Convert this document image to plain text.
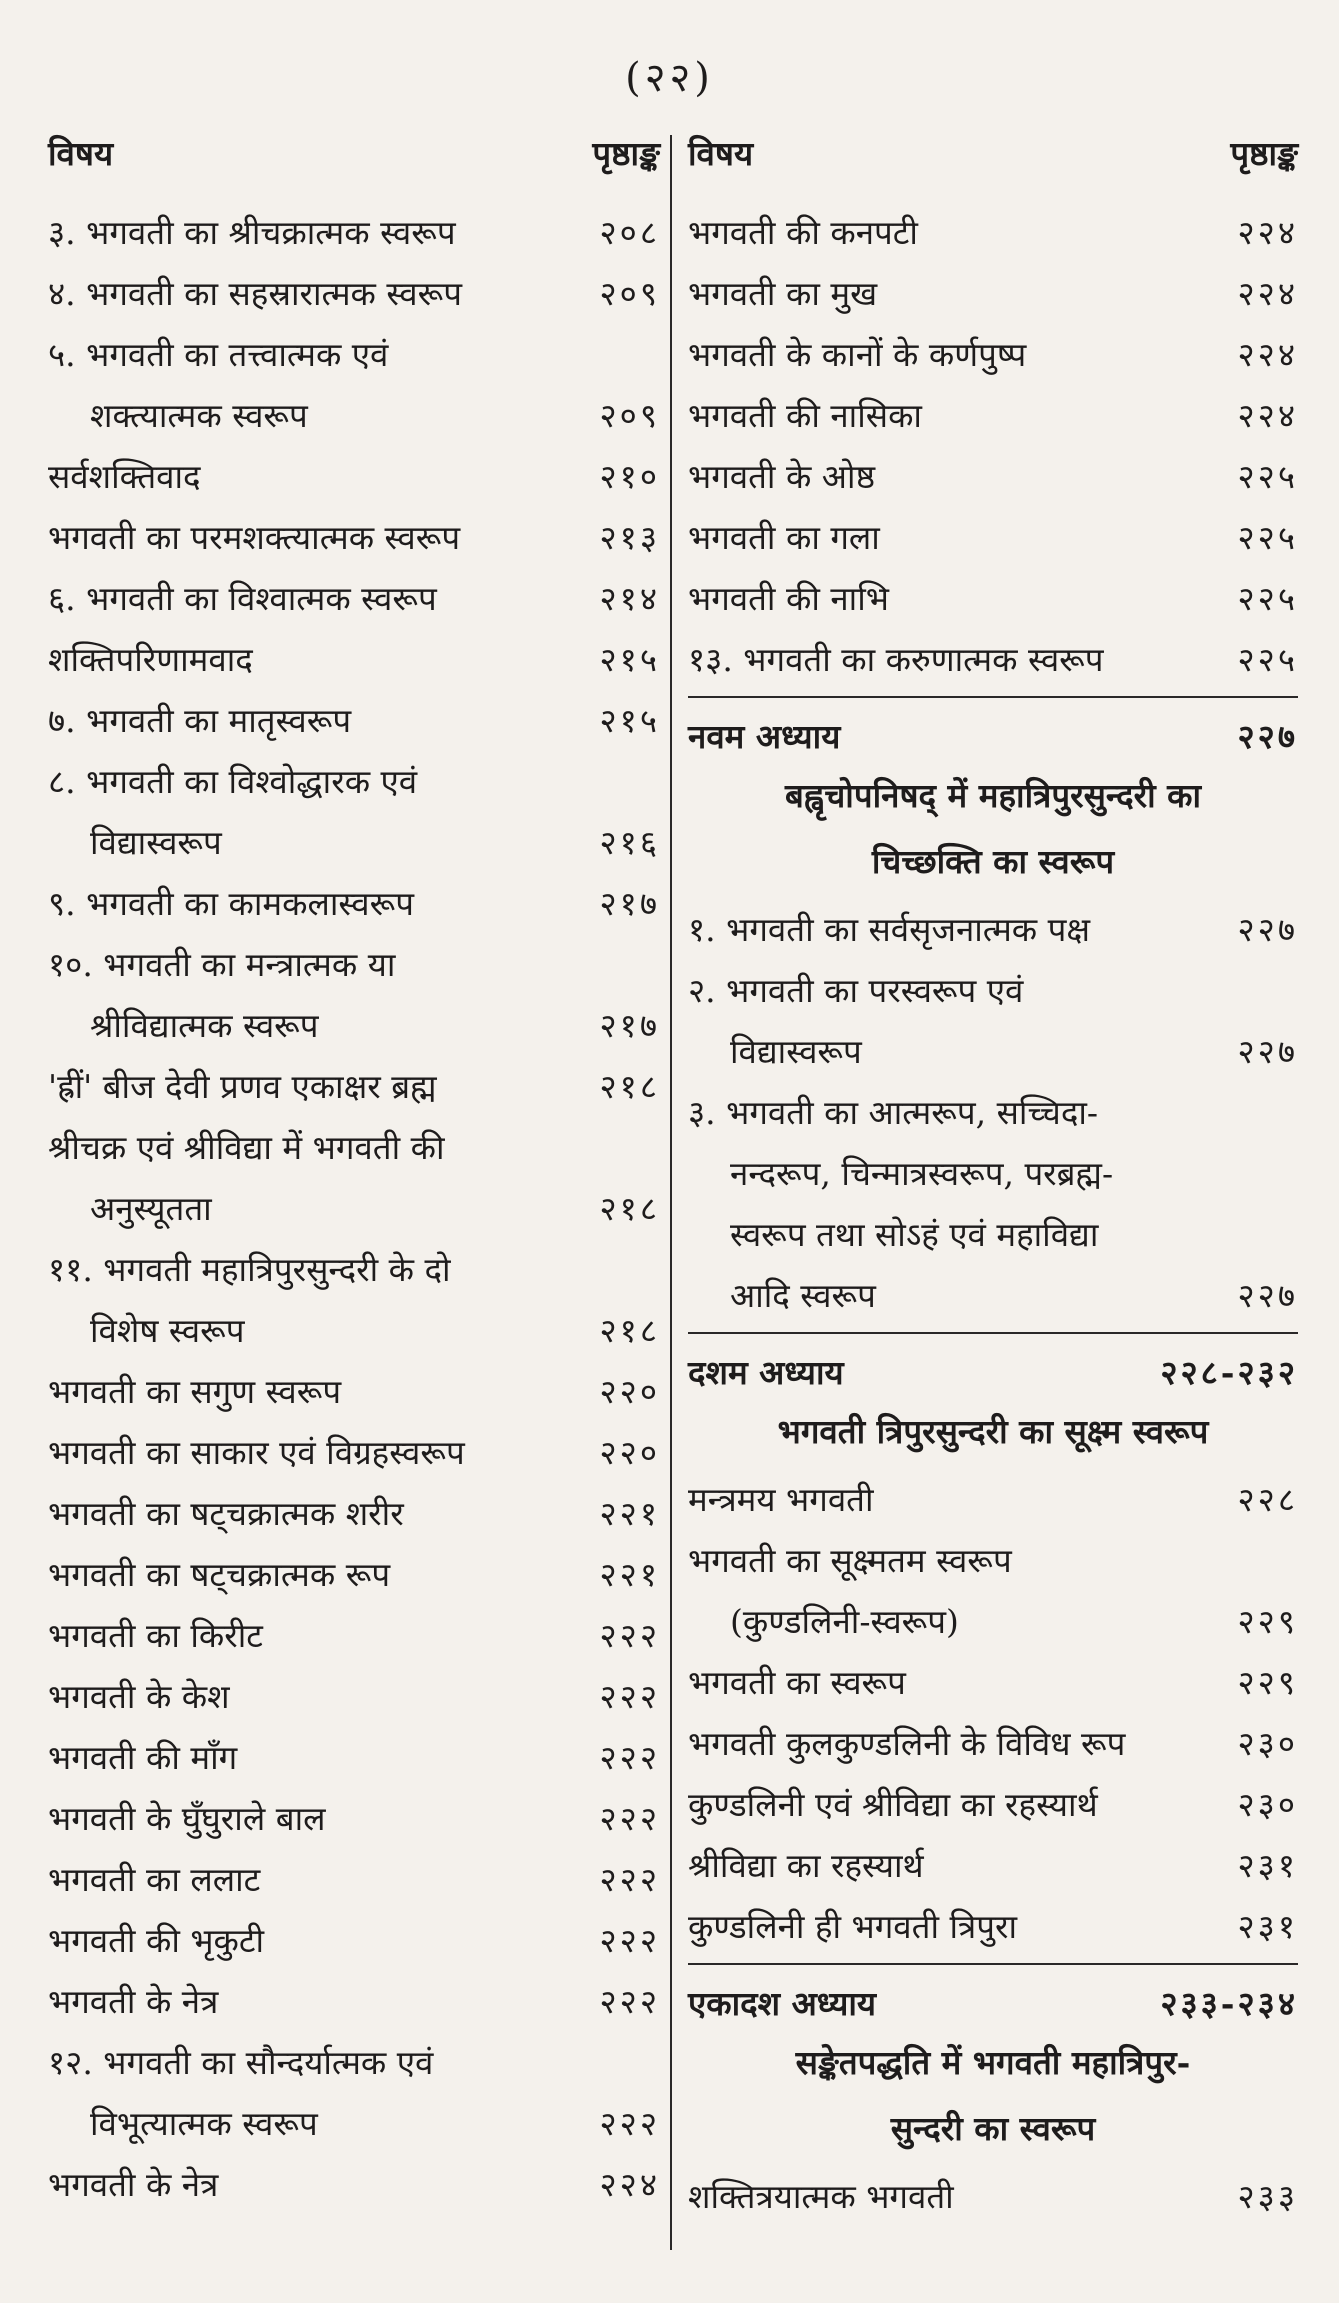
(२२)
विषय	पृष्ठाङ्क
३. भगवती का श्रीचक्रात्मक स्वरूप	२०८
४. भगवती का सहस्रारात्मक स्वरूप	२०९
५. भगवती का तत्त्वात्मक एवं
शक्त्यात्मक स्वरूप	२०९
सर्वशक्तिवाद	२१०
भगवती का परमशक्त्यात्मक स्वरूप	२१३
६. भगवती का विश्वात्मक स्वरूप	२१४
शक्तिपरिणामवाद	२१५
७. भगवती का मातृस्वरूप	२१५
८. भगवती का विश्वोद्धारक एवं
विद्यास्वरूप	२१६
९. भगवती का कामकलास्वरूप	२१७
१०. भगवती का मन्त्रात्मक या
श्रीविद्यात्मक स्वरूप	२१७
'ह्रीं' बीज देवी प्रणव एकाक्षर ब्रह्म	२१८
श्रीचक्र एवं श्रीविद्या में भगवती की
अनुस्यूतता	२१८
११. भगवती महात्रिपुरसुन्दरी के दो
विशेष स्वरूप	२१८
भगवती का सगुण स्वरूप	२२०
भगवती का साकार एवं विग्रहस्वरूप	२२०
भगवती का षट्चक्रात्मक शरीर	२२१
भगवती का षट्चक्रात्मक रूप	२२१
भगवती का किरीट	२२२
भगवती के केश	२२२
भगवती की माँग	२२२
भगवती के घुँघुराले बाल	२२२
भगवती का ललाट	२२२
भगवती की भृकुटी	२२२
भगवती के नेत्र	२२२
१२. भगवती का सौन्दर्यात्मक एवं
विभूत्यात्मक स्वरूप	२२२
भगवती के नेत्र	२२४
विषय	पृष्ठाङ्क
भगवती की कनपटी	२२४
भगवती का मुख	२२४
भगवती के कानों के कर्णपुष्प	२२४
भगवती की नासिका	२२४
भगवती के ओष्ठ	२२५
भगवती का गला	२२५
भगवती की नाभि	२२५
१३. भगवती का करुणात्मक स्वरूप	२२५
नवम अध्याय	२२७
बह्वृचोपनिषद् में महात्रिपुरसुन्दरी का
चिच्छक्ति का स्वरूप
१. भगवती का सर्वसृजनात्मक पक्ष	२२७
२. भगवती का परस्वरूप एवं
विद्यास्वरूप	२२७
३. भगवती का आत्मरूप, सच्चिदा-
नन्दरूप, चिन्मात्रस्वरूप, परब्रह्म-
स्वरूप तथा सोऽहं एवं महाविद्या
आदि स्वरूप	२२७
दशम अध्याय	२२८-२३२
भगवती त्रिपुरसुन्दरी का सूक्ष्म स्वरूप
मन्त्रमय भगवती	२२८
भगवती का सूक्ष्मतम स्वरूप
(कुण्डलिनी-स्वरूप)	२२९
भगवती का स्वरूप	२२९
भगवती कुलकुण्डलिनी के विविध रूप	२३०
कुण्डलिनी एवं श्रीविद्या का रहस्यार्थ	२३०
श्रीविद्या का रहस्यार्थ	२३१
कुण्डलिनी ही भगवती त्रिपुरा	२३१
एकादश अध्याय	२३३-२३४
सङ्केतपद्धति में भगवती महात्रिपुर-
सुन्दरी का स्वरूप
शक्तित्रयात्मक भगवती	२३३
